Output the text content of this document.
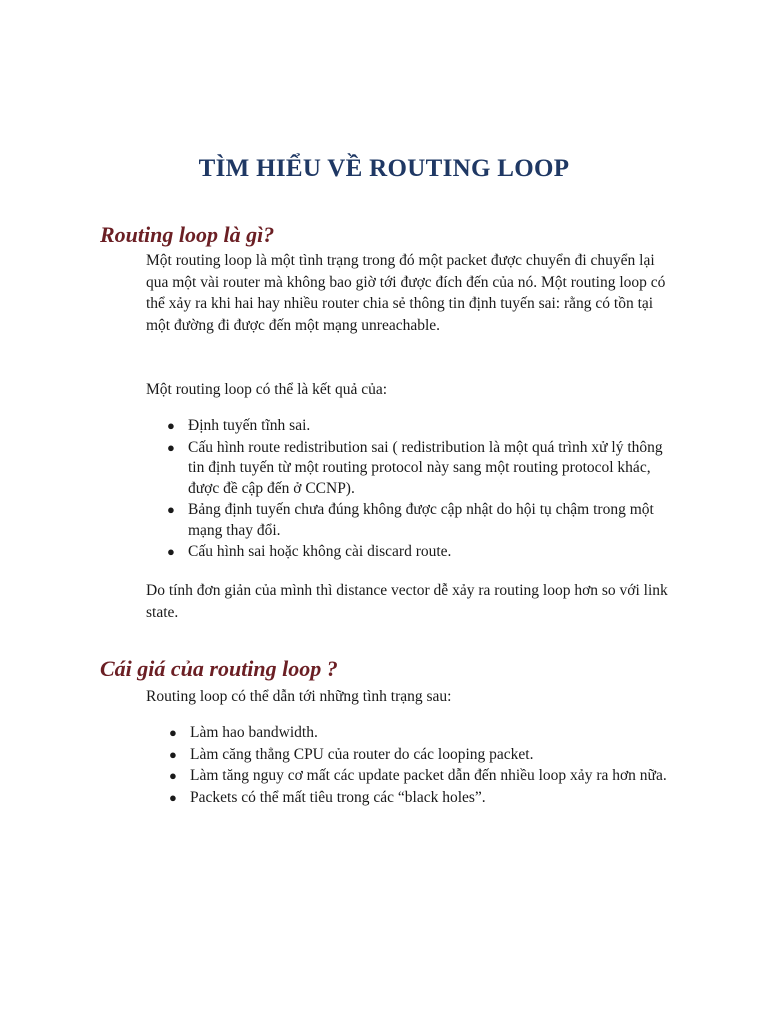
TÌM HIỂU VỀ ROUTING LOOP
Routing loop là gì?
Một routing loop là một tình trạng trong đó một packet được chuyển đi chuyển lại qua một vài router mà không bao giờ tới được đích đến của nó. Một routing loop có thể xảy ra khi hai hay nhiều router chia sẻ thông tin định tuyến sai: rằng có tồn tại một đường đi được đến một mạng unreachable.
Một routing loop có thể là kết quả của:
● Định tuyến tĩnh sai.
● Cấu hình route redistribution sai ( redistribution là một quá trình xử lý thông tin định tuyến từ một routing protocol này sang một routing protocol khác, được đề cập đến ở CCNP).
● Bảng định tuyến chưa đúng không được cập nhật do hội tụ chậm trong một mạng thay đổi.
● Cấu hình sai hoặc không cài discard route.
Do tính đơn giản của mình thì distance vector dễ xảy ra routing loop hơn so với link state.
Cái giá của routing loop ?
Routing loop có thể dẫn tới những tình trạng sau:
● Làm hao bandwidth.
● Làm căng thẳng CPU của router do các looping packet.
● Làm tăng nguy cơ mất các update packet dẫn đến nhiều loop xảy ra hơn nữa.
● Packets có thể mất tiêu trong các “black holes”.
